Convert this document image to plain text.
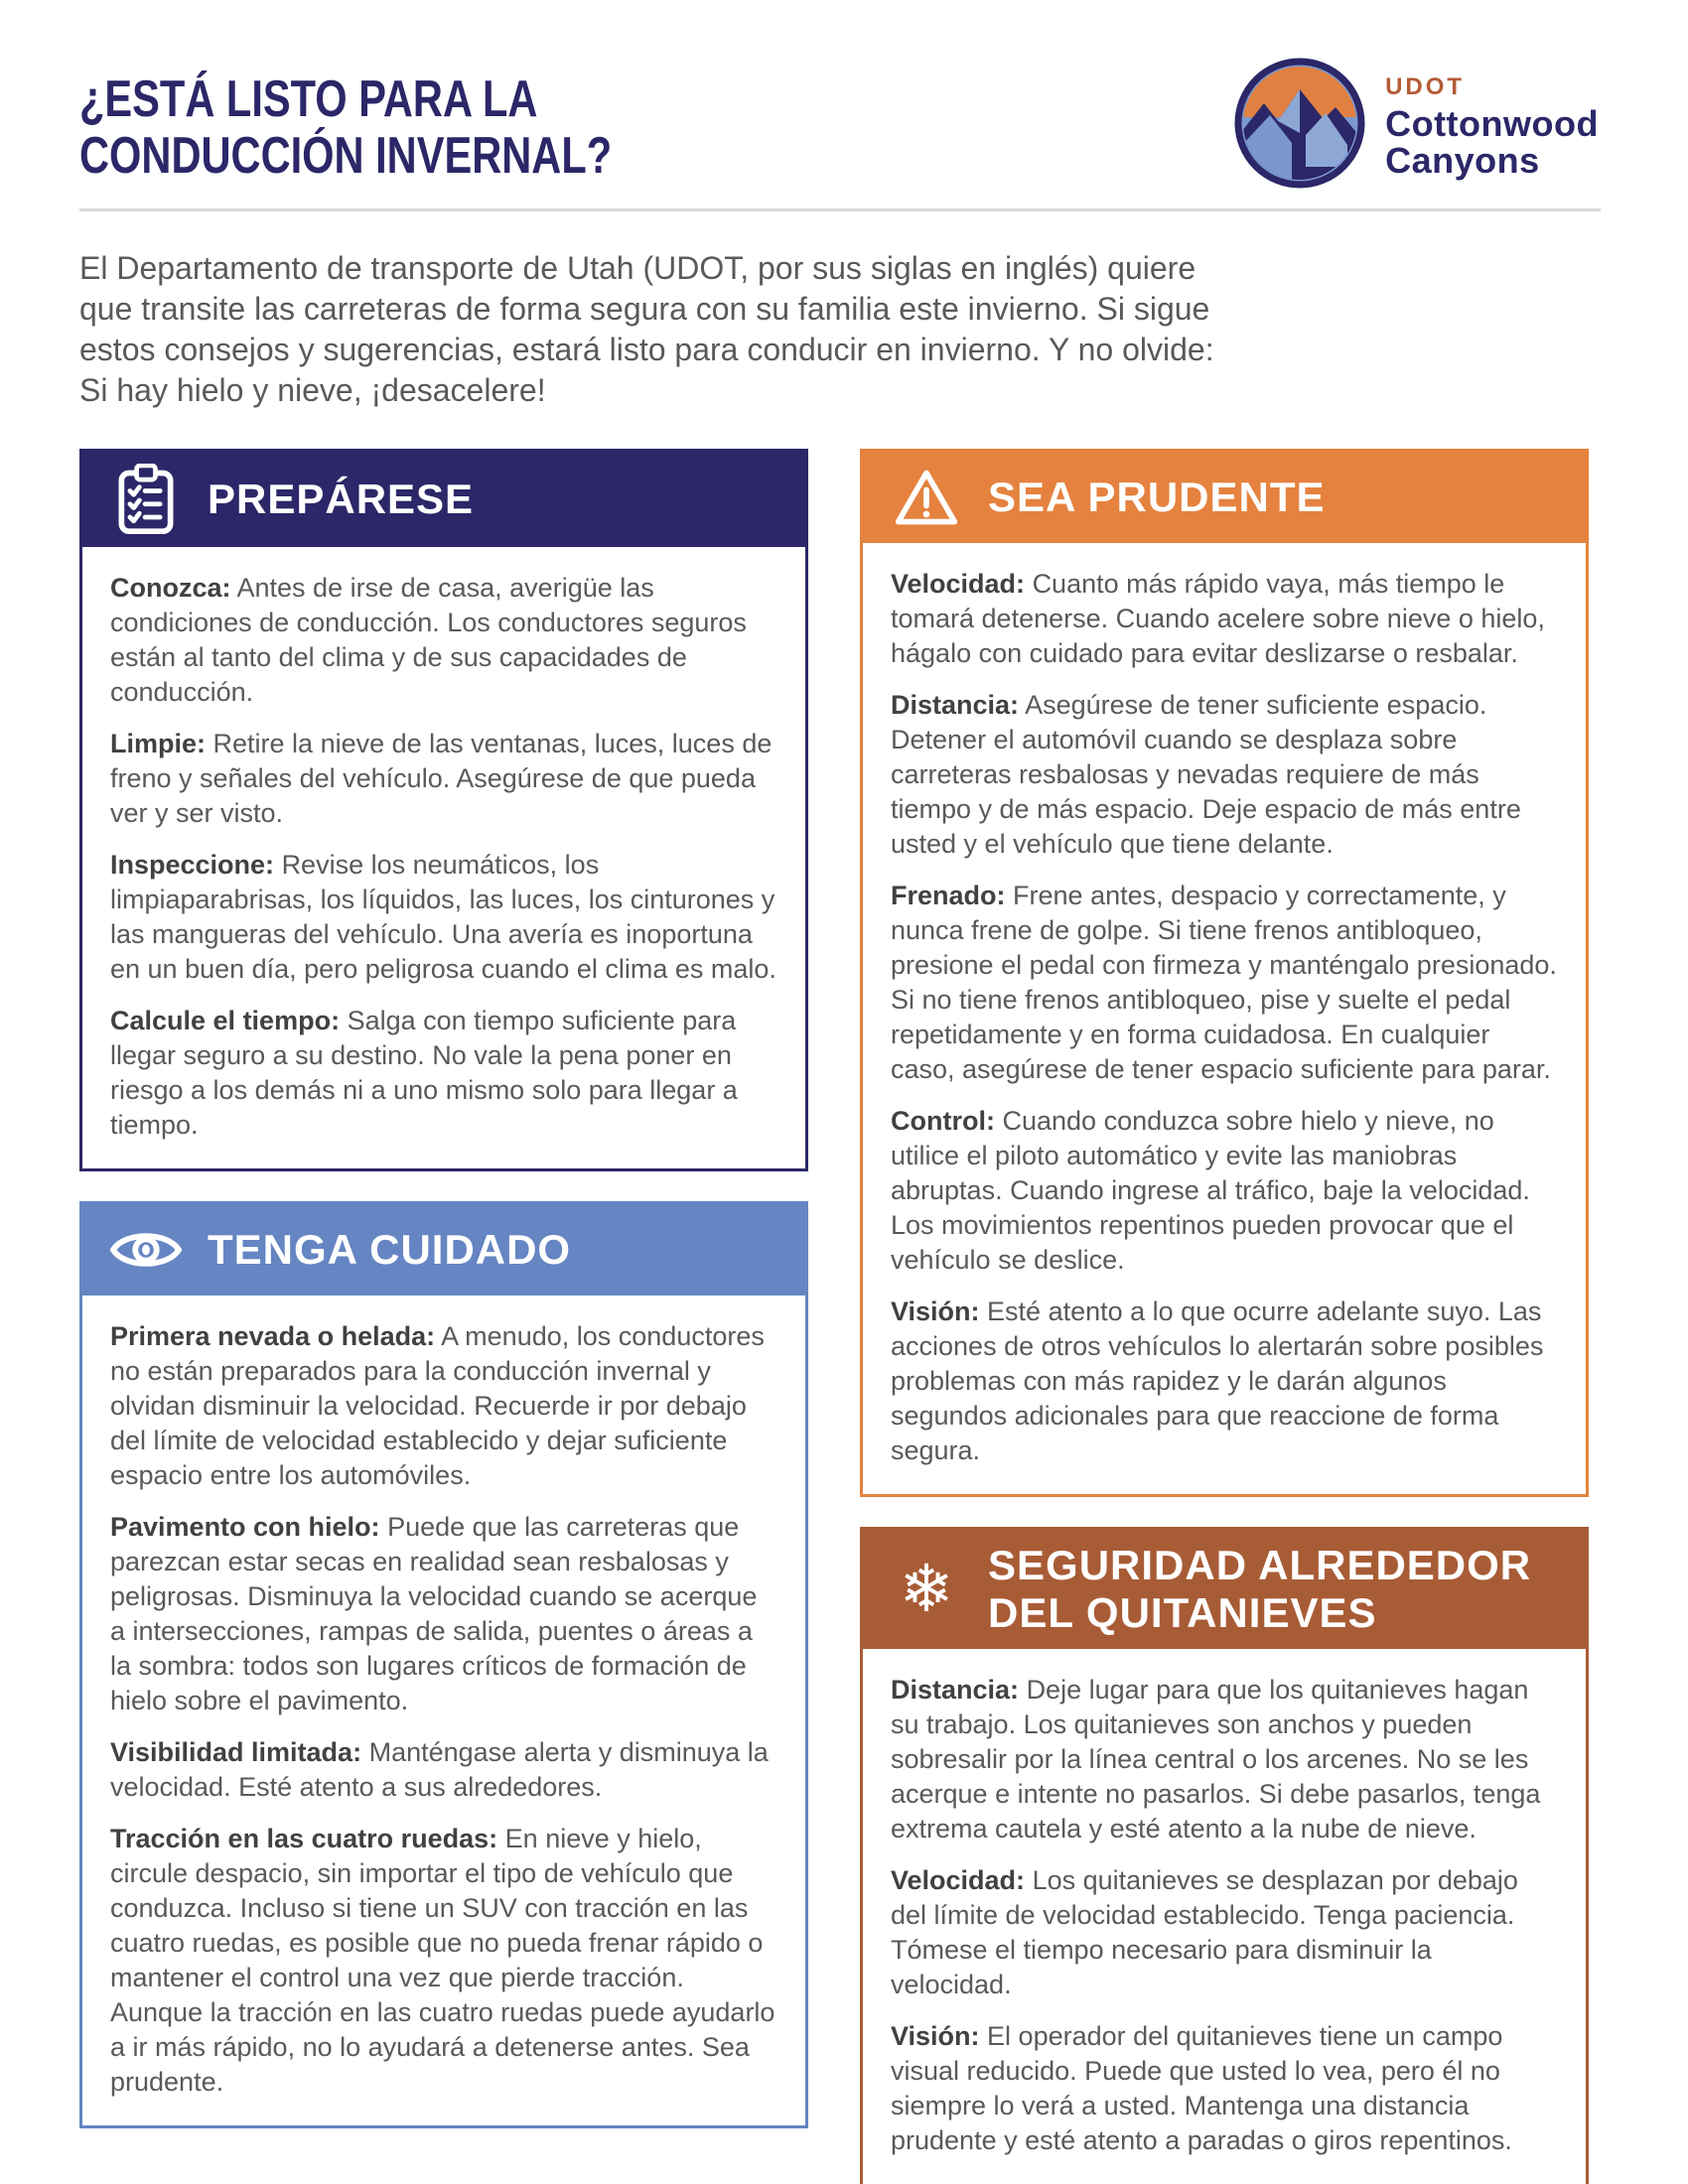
¿ESTÁ LISTO PARA LA
CONDUCCIÓN INVERNAL?
UDOT
Cottonwood
Canyons
El Departamento de transporte de Utah (UDOT, por sus siglas en inglés) quiere
que transite las carreteras de forma segura con su familia este invierno. Si sigue
estos consejos y sugerencias, estará listo para conducir en invierno. Y no olvide:
Si hay hielo y nieve, ¡desacelere!
PREPÁRESE

Conozca: Antes de irse de casa, averigüe las condiciones de conducción. Los conductores seguros están al tanto del clima y de sus capacidades de conducción.

Limpie: Retire la nieve de las ventanas, luces, luces de freno y señales del vehículo. Asegúrese de que pueda ver y ser visto.

Inspeccione: Revise los neumáticos, los limpiaparabrisas, los líquidos, las luces, los cinturones y las mangueras del vehículo. Una avería es inoportuna en un buen día, pero peligrosa cuando el clima es malo.

Calcule el tiempo: Salga con tiempo suficiente para llegar seguro a su destino. No vale la pena poner en riesgo a los demás ni a uno mismo solo para llegar a tiempo.

TENGA CUIDADO

Primera nevada o helada: A menudo, los conductores no están preparados para la conducción invernal y olvidan disminuir la velocidad. Recuerde ir por debajo del límite de velocidad establecido y dejar suficiente espacio entre los automóviles.

Pavimento con hielo: Puede que las carreteras que parezcan estar secas en realidad sean resbalosas y peligrosas. Disminuya la velocidad cuando se acerque a intersecciones, rampas de salida, puentes o áreas a la sombra: todos son lugares críticos de formación de hielo sobre el pavimento.

Visibilidad limitada: Manténgase alerta y disminuya la velocidad. Esté atento a sus alrededores.

Tracción en las cuatro ruedas: En nieve y hielo, circule despacio, sin importar el tipo de vehículo que conduzca. Incluso si tiene un SUV con tracción en las cuatro ruedas, es posible que no pueda frenar rápido o mantener el control una vez que pierde tracción. Aunque la tracción en las cuatro ruedas puede ayudarlo a ir más rápido, no lo ayudará a detenerse antes. Sea prudente.

SEA PRUDENTE

Velocidad: Cuanto más rápido vaya, más tiempo le tomará detenerse. Cuando acelere sobre nieve o hielo, hágalo con cuidado para evitar deslizarse o resbalar.

Distancia: Asegúrese de tener suficiente espacio. Detener el automóvil cuando se desplaza sobre carreteras resbalosas y nevadas requiere de más tiempo y de más espacio. Deje espacio de más entre usted y el vehículo que tiene delante.

Frenado: Frene antes, despacio y correctamente, y nunca frene de golpe. Si tiene frenos antibloqueo, presione el pedal con firmeza y manténgalo presionado. Si no tiene frenos antibloqueo, pise y suelte el pedal repetidamente y en forma cuidadosa. En cualquier caso, asegúrese de tener espacio suficiente para parar.

Control: Cuando conduzca sobre hielo y nieve, no utilice el piloto automático y evite las maniobras abruptas. Cuando ingrese al tráfico, baje la velocidad. Los movimientos repentinos pueden provocar que el vehículo se deslice.

Visión: Esté atento a lo que ocurre adelante suyo. Las acciones de otros vehículos lo alertarán sobre posibles problemas con más rapidez y le darán algunos segundos adicionales para que reaccione de forma segura.

❄ SEGURIDAD ALREDEDOR DEL QUITANIEVES

Distancia: Deje lugar para que los quitanieves hagan su trabajo. Los quitanieves son anchos y pueden sobresalir por la línea central o los arcenes. No se les acerque e intente no pasarlos. Si debe pasarlos, tenga extrema cautela y esté atento a la nube de nieve.

Velocidad: Los quitanieves se desplazan por debajo del límite de velocidad establecido. Tenga paciencia. Tómese el tiempo necesario para disminuir la velocidad.

Visión: El operador del quitanieves tiene un campo visual reducido. Puede que usted lo vea, pero él no siempre lo verá a usted. Mantenga una distancia prudente y esté atento a paradas o giros repentinos.
